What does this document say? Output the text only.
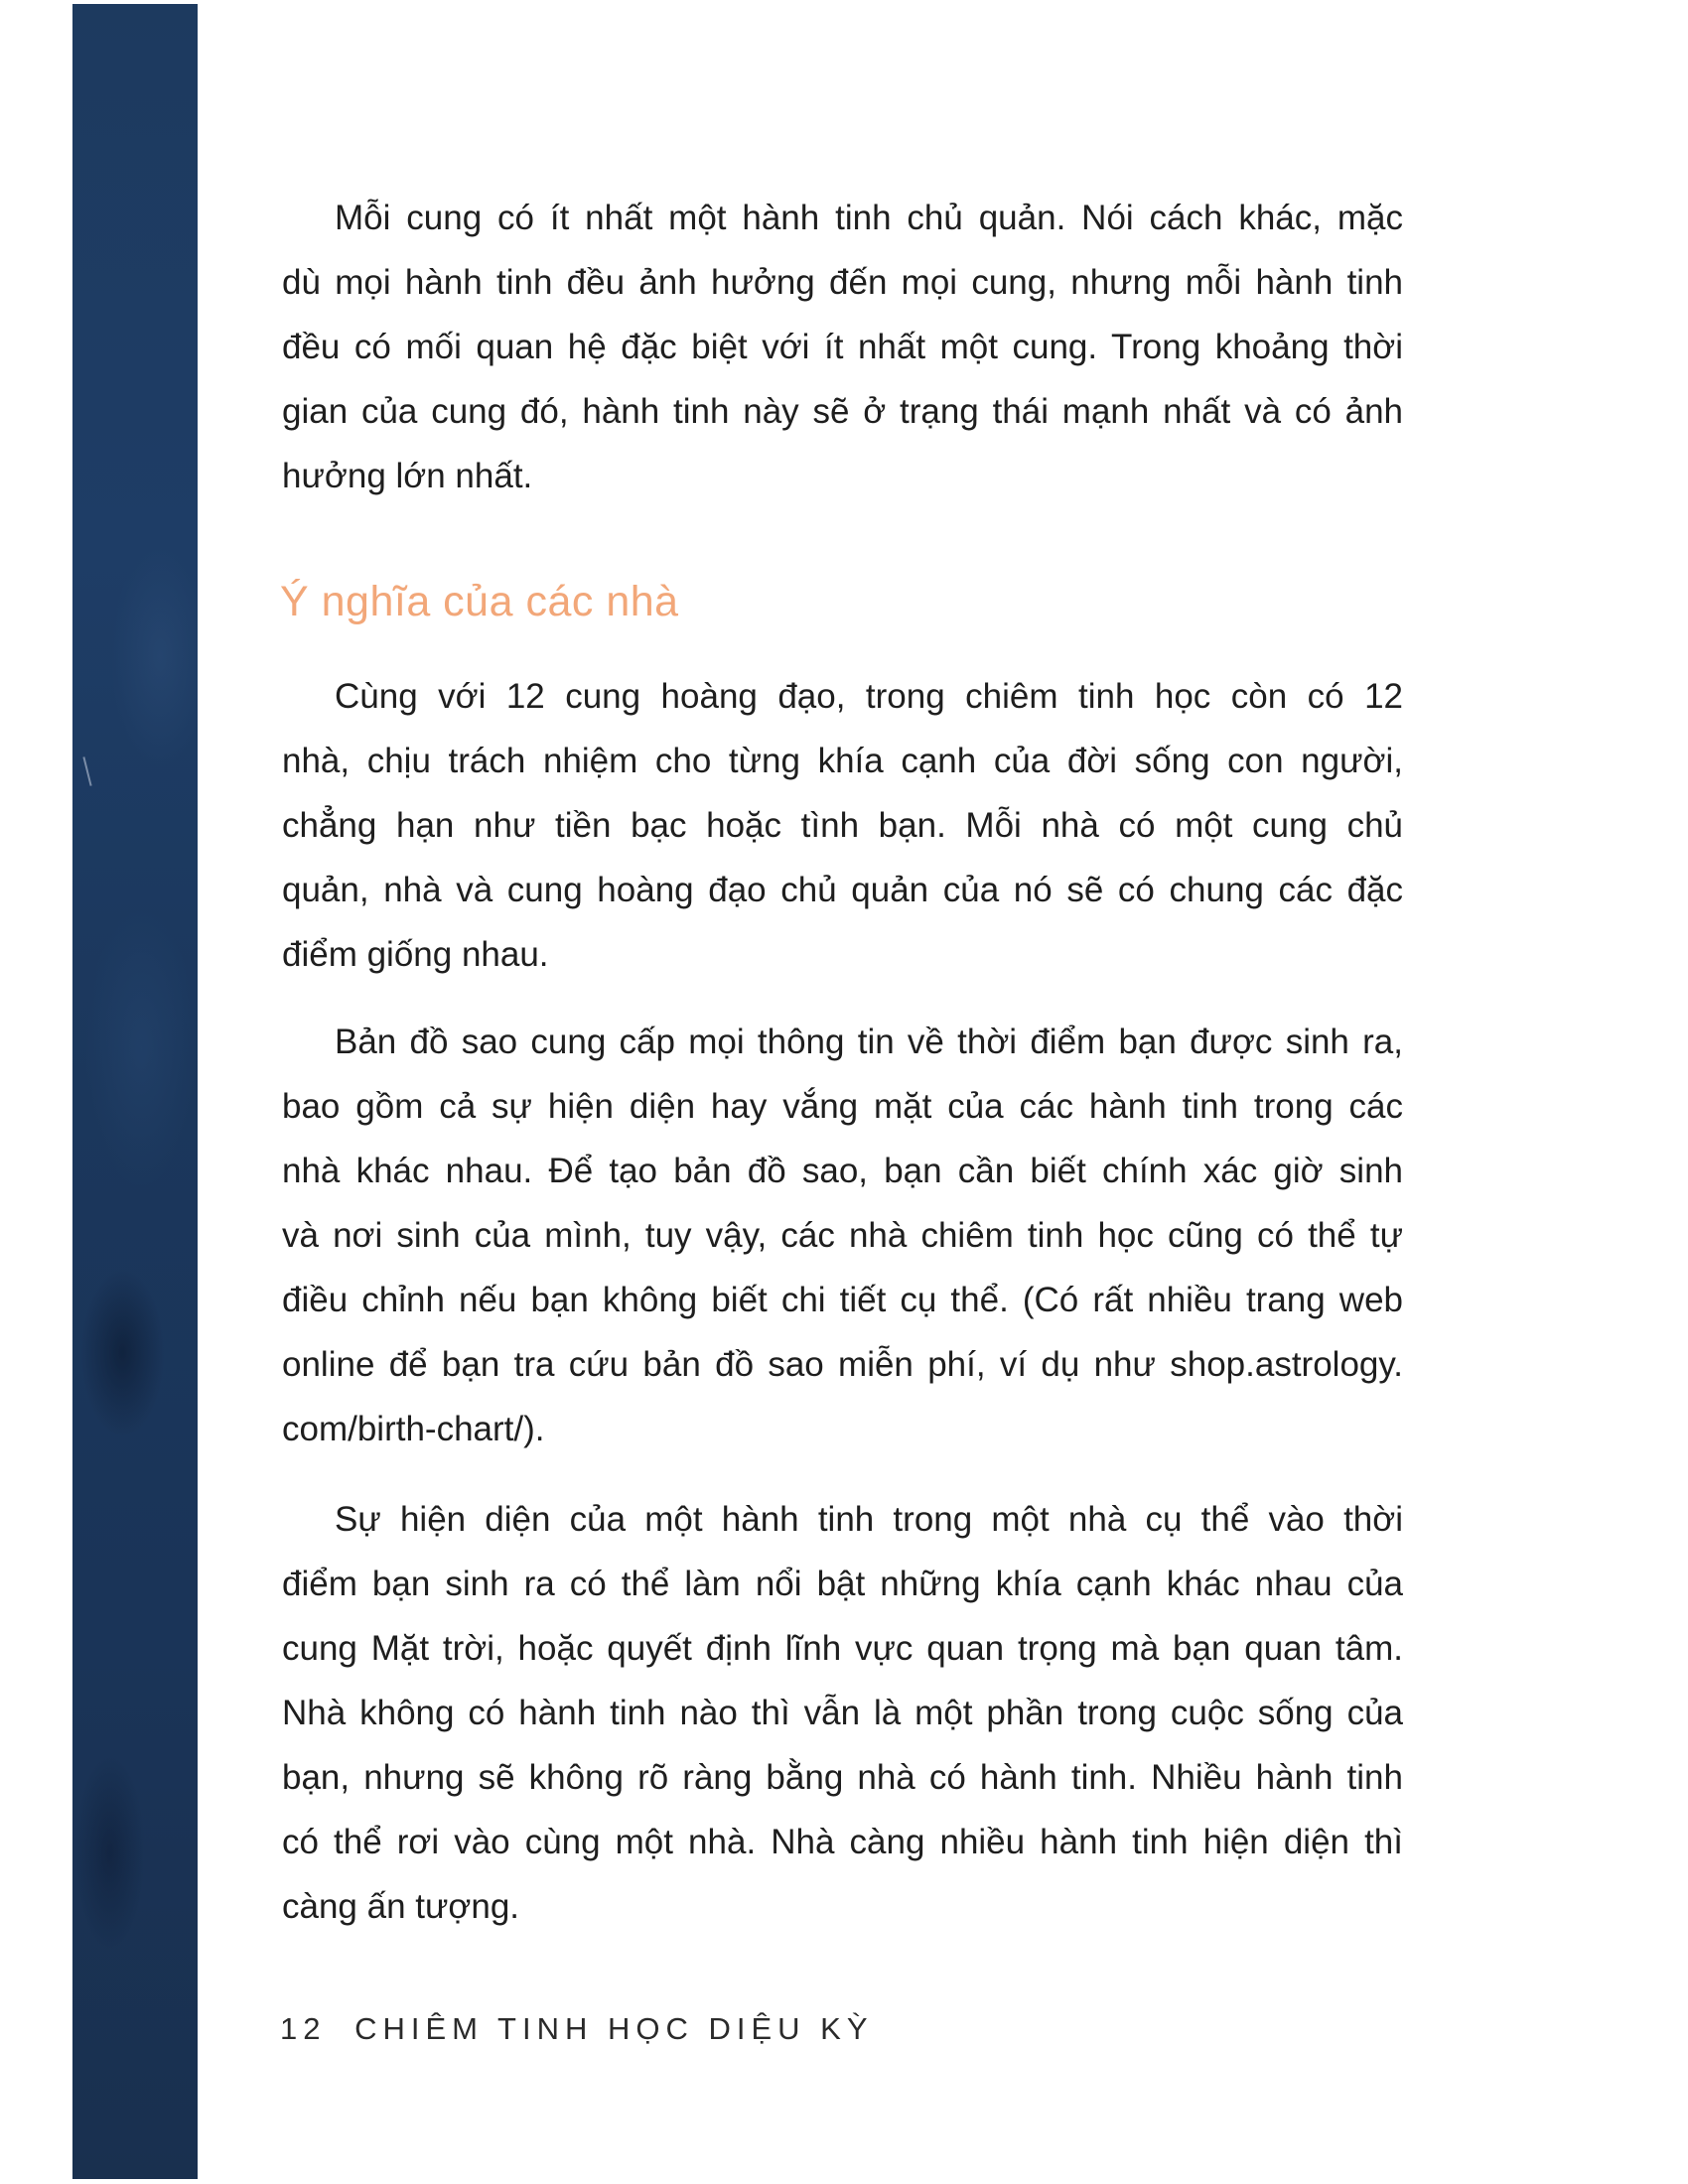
Mỗi cung có ít nhất một hành tinh chủ quản. Nói cách khác, mặc
dù mọi hành tinh đều ảnh hưởng đến mọi cung, nhưng mỗi hành tinh
đều có mối quan hệ đặc biệt với ít nhất một cung. Trong khoảng thời
gian của cung đó, hành tinh này sẽ ở trạng thái mạnh nhất và có ảnh
hưởng lớn nhất.
Ý nghĩa của các nhà
Cùng với 12 cung hoàng đạo, trong chiêm tinh học còn có 12
nhà, chịu trách nhiệm cho từng khía cạnh của đời sống con người,
chẳng hạn như tiền bạc hoặc tình bạn. Mỗi nhà có một cung chủ
quản, nhà và cung hoàng đạo chủ quản của nó sẽ có chung các đặc
điểm giống nhau.
Bản đồ sao cung cấp mọi thông tin về thời điểm bạn được sinh ra,
bao gồm cả sự hiện diện hay vắng mặt của các hành tinh trong các
nhà khác nhau. Để tạo bản đồ sao, bạn cần biết chính xác giờ sinh
và nơi sinh của mình, tuy vậy, các nhà chiêm tinh học cũng có thể tự
điều chỉnh nếu bạn không biết chi tiết cụ thể. (Có rất nhiều trang web
online để bạn tra cứu bản đồ sao miễn phí, ví dụ như shop.astrology.
com/birth-chart/).
Sự hiện diện của một hành tinh trong một nhà cụ thể vào thời
điểm bạn sinh ra có thể làm nổi bật những khía cạnh khác nhau của
cung Mặt trời, hoặc quyết định lĩnh vực quan trọng mà bạn quan tâm.
Nhà không có hành tinh nào thì vẫn là một phần trong cuộc sống của
bạn, nhưng sẽ không rõ ràng bằng nhà có hành tinh. Nhiều hành tinh
có thể rơi vào cùng một nhà. Nhà càng nhiều hành tinh hiện diện thì
càng ấn tượng.
12 CHIÊM TINH HỌC DIỆU KỲ
